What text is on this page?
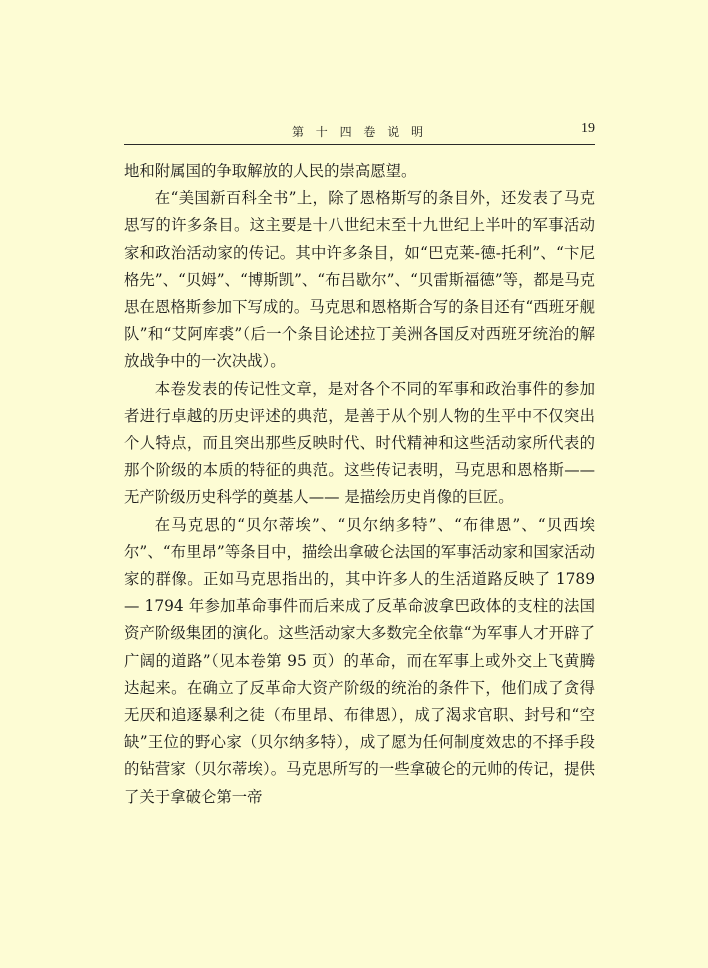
第 十 四 卷 说 明	19

地和附属国的争取解放的人民的崇高愿望。

在“美国新百科全书”上，除了恩格斯写的条目外，还发表了马克思写的许多条目。这主要是十八世纪末至十九世纪上半叶的军事活动家和政治活动家的传记。其中许多条目，如“巴克莱-德-托利”、“卞尼格先”、“贝姆”、“博斯凯”、“布吕歇尔”、“贝雷斯福德”等，都是马克思在恩格斯参加下写成的。马克思和恩格斯合写的条目还有“西班牙舰队”和“艾阿库裘”（后一个条目论述拉丁美洲各国反对西班牙统治的解放战争中的一次决战）。

本卷发表的传记性文章，是对各个不同的军事和政治事件的参加者进行卓越的历史评述的典范，是善于从个别人物的生平中不仅突出个人特点，而且突出那些反映时代、时代精神和这些活动家所代表的那个阶级的本质的特征的典范。这些传记表明，马克思和恩格斯—— 无产阶级历史科学的奠基人—— 是描绘历史肖像的巨匠。

在马克思的“贝尔蒂埃”、“贝尔纳多特”、“布律恩”、“贝西埃尔”、“布里昂”等条目中，描绘出拿破仑法国的军事活动家和国家活动家的群像。正如马克思指出的，其中许多人的生活道路反映了 1789— 1794 年参加革命事件而后来成了反革命波拿巴政体的支柱的法国资产阶级集团的演化。这些活动家大多数完全依靠“为军事人才开辟了广阔的道路”（见本卷第 95 页）的革命，而在军事上或外交上飞黄腾达起来。在确立了反革命大资产阶级的统治的条件下，他们成了贪得无厌和追逐暴利之徒（布里昂、布律恩），成了渴求官职、封号和“空缺”王位的野心家（贝尔纳多特），成了愿为任何制度效忠的不择手段的钻营家（贝尔蒂埃）。马克思所写的一些拿破仑的元帅的传记，提供了关于拿破仑第一帝
